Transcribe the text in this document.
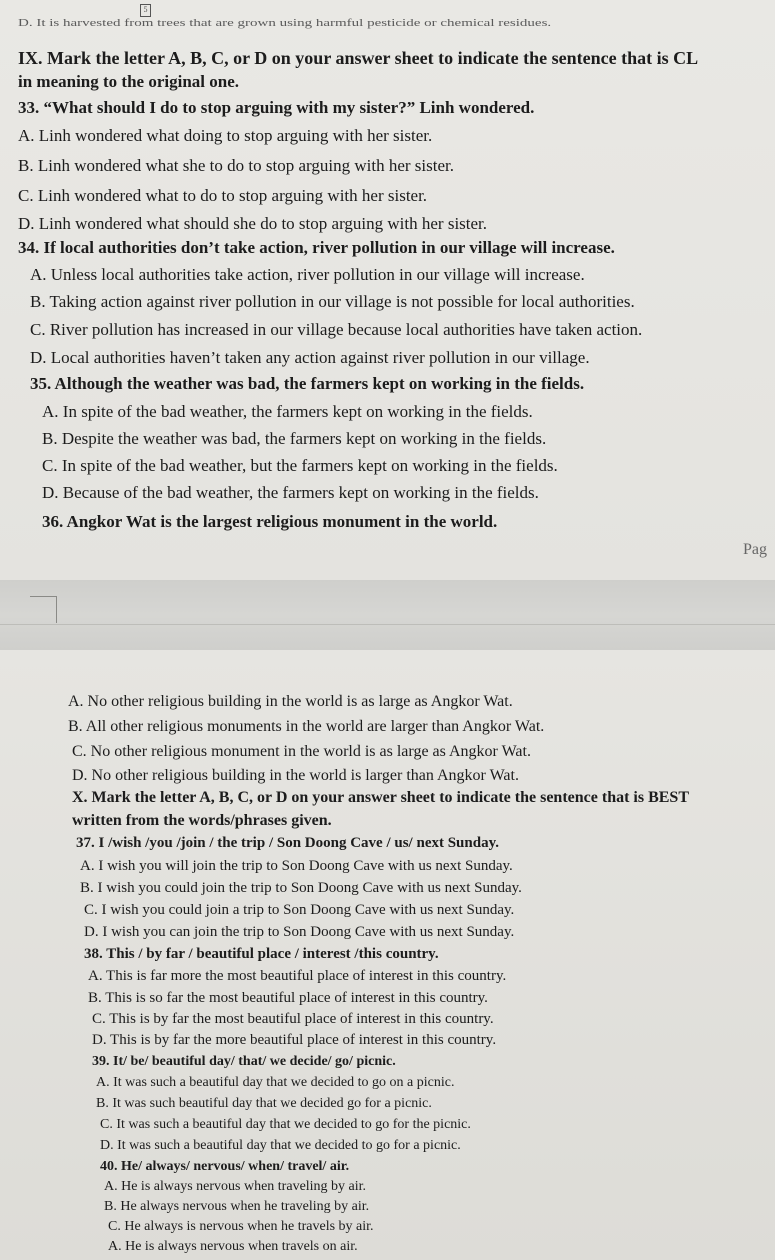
5
D. It is harvested from trees that are grown using harmful pesticide or chemical residues.
IX. Mark the letter A, B, C, or D on your answer sheet to indicate the sentence that is CL
in meaning to the original one.
33. “What should I do to stop arguing with my sister?” Linh wondered.
A. Linh wondered what doing to stop arguing with her sister.
B. Linh wondered what she to do to stop arguing with her sister.
C. Linh wondered what to do to stop arguing with her sister.
D. Linh wondered what should she do to stop arguing with her sister.
34. If local authorities don’t take action, river pollution in our village will increase.
A. Unless local authorities take action, river pollution in our village will increase.
B. Taking action against river pollution in our village is not possible for local authorities.
C. River pollution has increased in our village because local authorities have taken action.
D. Local authorities haven’t taken any action against river pollution in our village.
35. Although the weather was bad, the farmers kept on working in the fields.
A. In spite of the bad weather, the farmers kept on working in the fields.
B. Despite the weather was bad, the farmers kept on working in the fields.
C. In spite of the bad weather, but the farmers kept on working in the fields.
D. Because of the bad weather, the farmers kept on working in the fields.
36. Angkor Wat is the largest religious monument in the world.
Pag
A. No other religious building in the world is as large as Angkor Wat.
B. All other religious monuments in the world are larger than Angkor Wat.
C. No other religious monument in the world is as large as Angkor Wat.
D. No other religious building in the world is larger than Angkor Wat.
X. Mark the letter A, B, C, or D on your answer sheet to indicate the sentence that is BEST
written from the words/phrases given.
37. I /wish /you /join / the trip / Son Doong Cave / us/ next Sunday.
A. I wish you will join the trip to Son Doong Cave with us next Sunday.
B. I wish you could join the trip to Son Doong Cave with us next Sunday.
C. I wish you could join a trip to Son Doong Cave with us next Sunday.
D. I wish you can join the trip to Son Doong Cave with us next Sunday.
38. This / by far / beautiful place / interest /this country.
A. This is far more the most beautiful place of interest in this country.
B. This is so far the most beautiful place of interest in this country.
C. This is by far the most beautiful place of interest in this country.
D. This is by far the more beautiful place of interest in this country.
39. It/ be/ beautiful day/ that/ we decide/ go/ picnic.
A. It was such a beautiful day that we decided to go on a picnic.
B. It was such beautiful day that we decided go for a picnic.
C. It was such a beautiful day that we decided to go for the picnic.
D. It was such a beautiful day that we decided to go for a picnic.
40. He/ always/ nervous/ when/ travel/ air.
A. He is always nervous when traveling by air.
B. He always nervous when he traveling by air.
C. He always is nervous when he travels by air.
A. He is always nervous when travels on air.
